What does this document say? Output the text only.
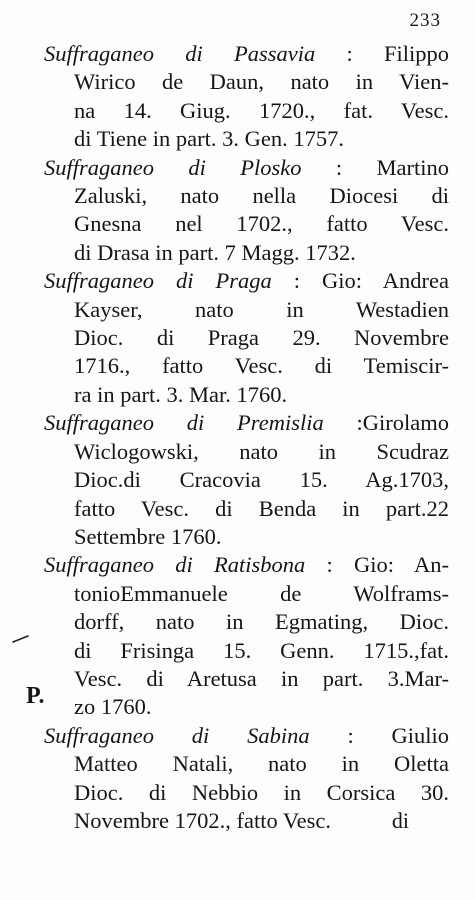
233
P.
Suffraganeo di Passavia : Filippo
Wirico de Daun, nato in Vien-
na 14. Giug. 1720., fat. Vesc.
di Tiene in part. 3. Gen. 1757.
Suffraganeo di Plosko : Martino
Zaluski, nato nella Diocesi di
Gnesna nel 1702., fatto Vesc.
di Drasa in part. 7 Magg. 1732.
Suffraganeo di Praga : Gio: Andrea
Kayser, nato in Westadien
Dioc. di Praga 29. Novembre
1716., fatto Vesc. di Temiscir-
ra in part. 3. Mar. 1760.
Suffraganeo di Premislia :Girolamo
Wiclogowski, nato in Scudraz
Dioc.di Cracovia 15. Ag.1703,
fatto Vesc. di Benda in part.22
Settembre 1760.
Suffraganeo di Ratisbona : Gio: An-
tonioEmmanuele de Wolframs-
dorff, nato in Egmating, Dioc.
di Frisinga 15. Genn. 1715.,fat.
Vesc. di Aretusa in part. 3.Mar-
zo 1760.
Suffraganeo di Sabina : Giulio
Matteo Natali, nato in Oletta
Dioc. di Nebbio in Corsica 30.
Novembre 1702., fatto Vesc.	di
